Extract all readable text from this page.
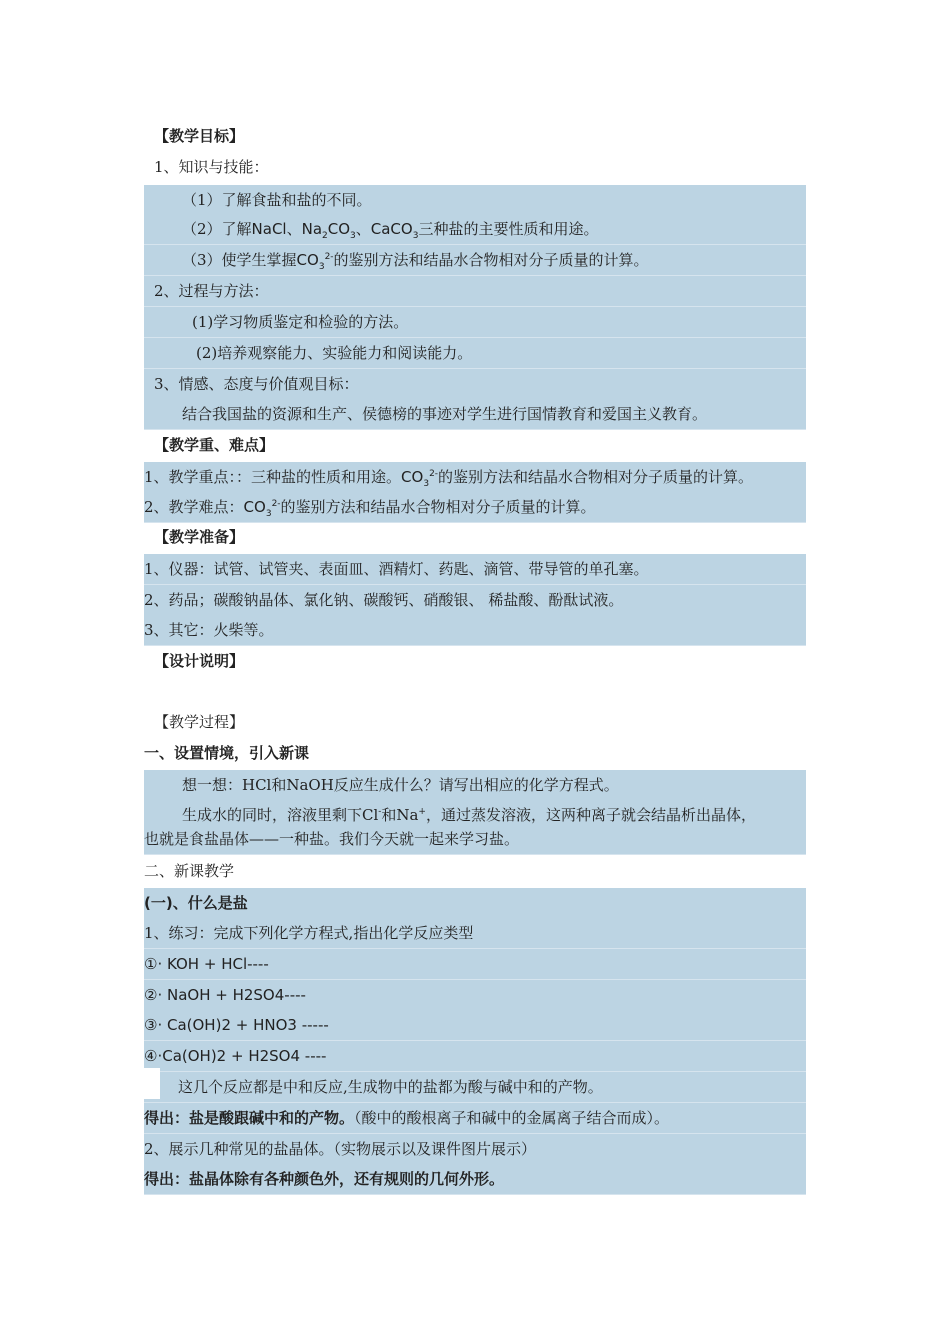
【教学目标】
1、知识与技能：
（1）了解食盐和盐的不同。
（2）了解NaCl、$Na_2CO_3$、CaCO$_3$三种盐的主要性质和用途。
（3）使学生掌握$CO_3^{2-}$的鉴别方法和结晶水合物相对分子质量的计算。
2、过程与方法：
(1)学习物质鉴定和检验的方法。
(2)培养观察能力、实验能力和阅读能力。
3、情感、态度与价值观目标：
结合我国盐的资源和生产、侯德榜的事迹对学生进行国情教育和爱国主义教育。
【教学重、难点】
1、教学重点：：三种盐的性质和用途。$CO_3^{2-}$的鉴别方法和结晶水合物相对分子质量的计算。
2、教学难点：$CO_3^{2-}$的鉴别方法和结晶水合物相对分子质量的计算。
【教学准备】
1、仪器：试管、试管夹、表面皿、酒精灯、药匙、滴管、带导管的单孔塞。
2、药品；碳酸钠晶体、氯化钠、碳酸钙、硝酸银、 稀盐酸、酚酞试液。
3、其它：火柴等。
【设计说明】
【教学过程】
一、设置情境，引入新课
想一想：HCl和NaOH反应生成什么？请写出相应的化学方程式。
生成水的同时，溶液里剩下Cl-和Na+，通过蒸发溶液，这两种离子就会结晶析出晶体，
也就是食盐晶体——一种盐。我们今天就一起来学习盐。
二、新课教学
(一)、什么是盐
1、练习：完成下列化学方程式,指出化学反应类型
①· KOH + HCl----
②· NaOH + H2SO4----
③· Ca(OH)2 + HNO3 -----
④·Ca(OH)2 + H2SO4 ----
这几个反应都是中和反应,生成物中的盐都为酸与碱中和的产物。
得出：盐是酸跟碱中和的产物。（酸中的酸根离子和碱中的金属离子结合而成）。
2、展示几种常见的盐晶体。（实物展示以及课件图片展示）
得出：盐晶体除有各种颜色外，还有规则的几何外形。
